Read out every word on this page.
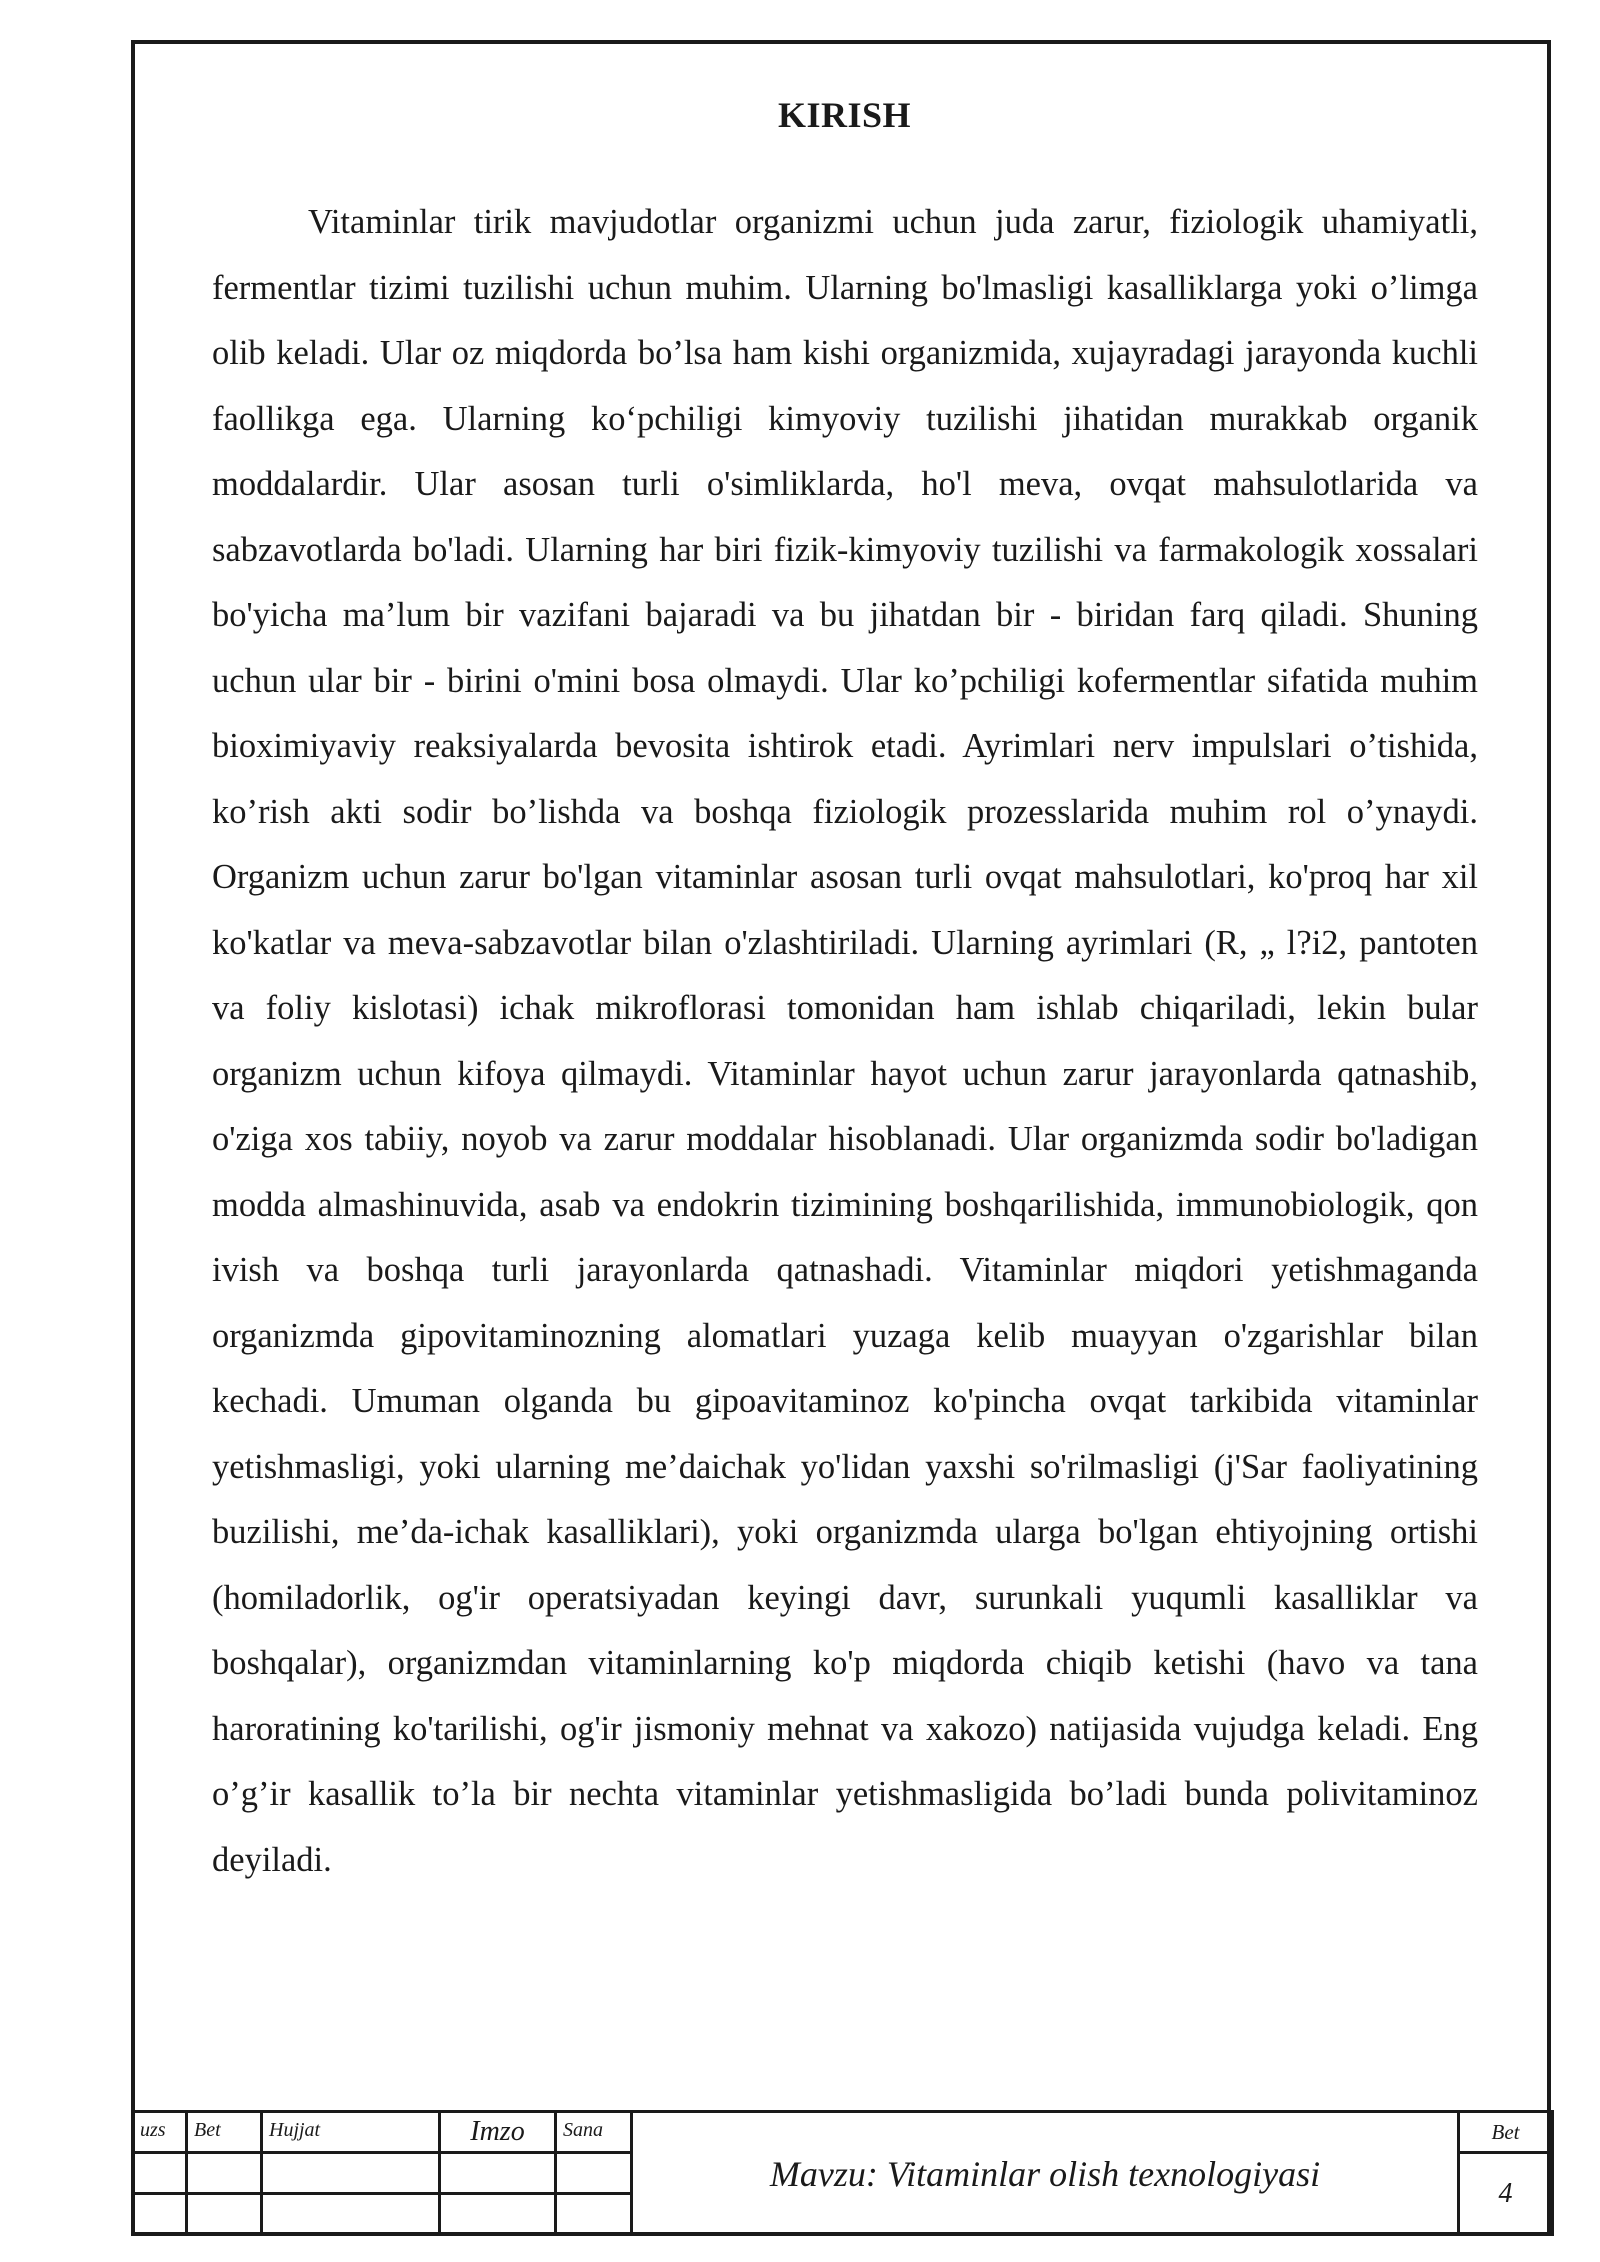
KIRISH

Vitaminlar tirik mavjudotlar organizmi uchun juda zarur, fiziologik uhamiyatli, fermentlar tizimi tuzilishi uchun muhim. Ularning bo'lmasligi kasalliklarga yoki o’limga olib keladi. Ular oz miqdorda bo’lsa ham kishi organizmida, xujayradagi jarayonda kuchli faollikga ega. Ularning ko‘pchiligi kimyoviy tuzilishi jihatidan murakkab organik moddalardir. Ular asosan turli o'simliklarda, ho'l meva, ovqat mahsulotlarida va sabzavotlarda bo'ladi. Ularning har biri fizik-kimyoviy tuzilishi va farmakologik xossalari bo'yicha ma’lum bir vazifani bajaradi va bu jihatdan bir - biridan farq qiladi. Shuning uchun ular bir - birini o'mini bosa olmaydi. Ular ko’pchiligi kofermentlar sifatida muhim bioximiyaviy reaksiyalarda bevosita ishtirok etadi. Ayrimlari nerv impulslari o’tishida, ko’rish akti sodir bo’lishda va boshqa fiziologik prozesslarida muhim rol o’ynaydi. Organizm uchun zarur bo'lgan vitaminlar asosan turli ovqat mahsulotlari, ko'proq har xil ko'katlar va meva-sabzavotlar bilan o'zlashtiriladi. Ularning ayrimlari (R, „ l?i2, pantoten va foliy kislotasi) ichak mikroflorasi tomonidan ham ishlab chiqariladi, lekin bular organizm uchun kifoya qilmaydi. Vitaminlar hayot uchun zarur jarayonlarda qatnashib, o'ziga xos tabiiy, noyob va zarur moddalar hisoblanadi. Ular organizmda sodir bo'ladigan modda almashinuvida, asab va endokrin tizimining boshqarilishida, immunobiologik, qon ivish va boshqa turli jarayonlarda qatnashadi. Vitaminlar miqdori yetishmaganda organizmda gipovitaminozning alomatlari yuzaga kelib muayyan o'zgarishlar bilan kechadi. Umuman olganda bu gipoavitaminoz ko'pincha ovqat tarkibida vitaminlar yetishmasligi, yoki ularning me’daichak yo'lidan yaxshi so'rilmasligi (j'Sar faoliyatining buzilishi, me’da-ichak kasalliklari), yoki organizmda ularga bo'lgan ehtiyojning ortishi (homiladorlik, og'ir operatsiyadan keyingi davr, surunkali yuqumli kasalliklar va boshqalar), organizmdan vitaminlarning ko'p miqdorda chiqib ketishi (havo va tana haroratining ko'tarilishi, og'ir jismoniy mehnat va xakozo) natijasida vujudga keladi. Eng o’g’ir kasallik to’la bir nechta vitaminlar yetishmasligida bo’ladi bunda polivitaminoz deyiladi.

uzs	Bet	Hujjat	Imzo	Sana	Mavzu: Vitaminlar olish texnologiyasi	Bet
						4
